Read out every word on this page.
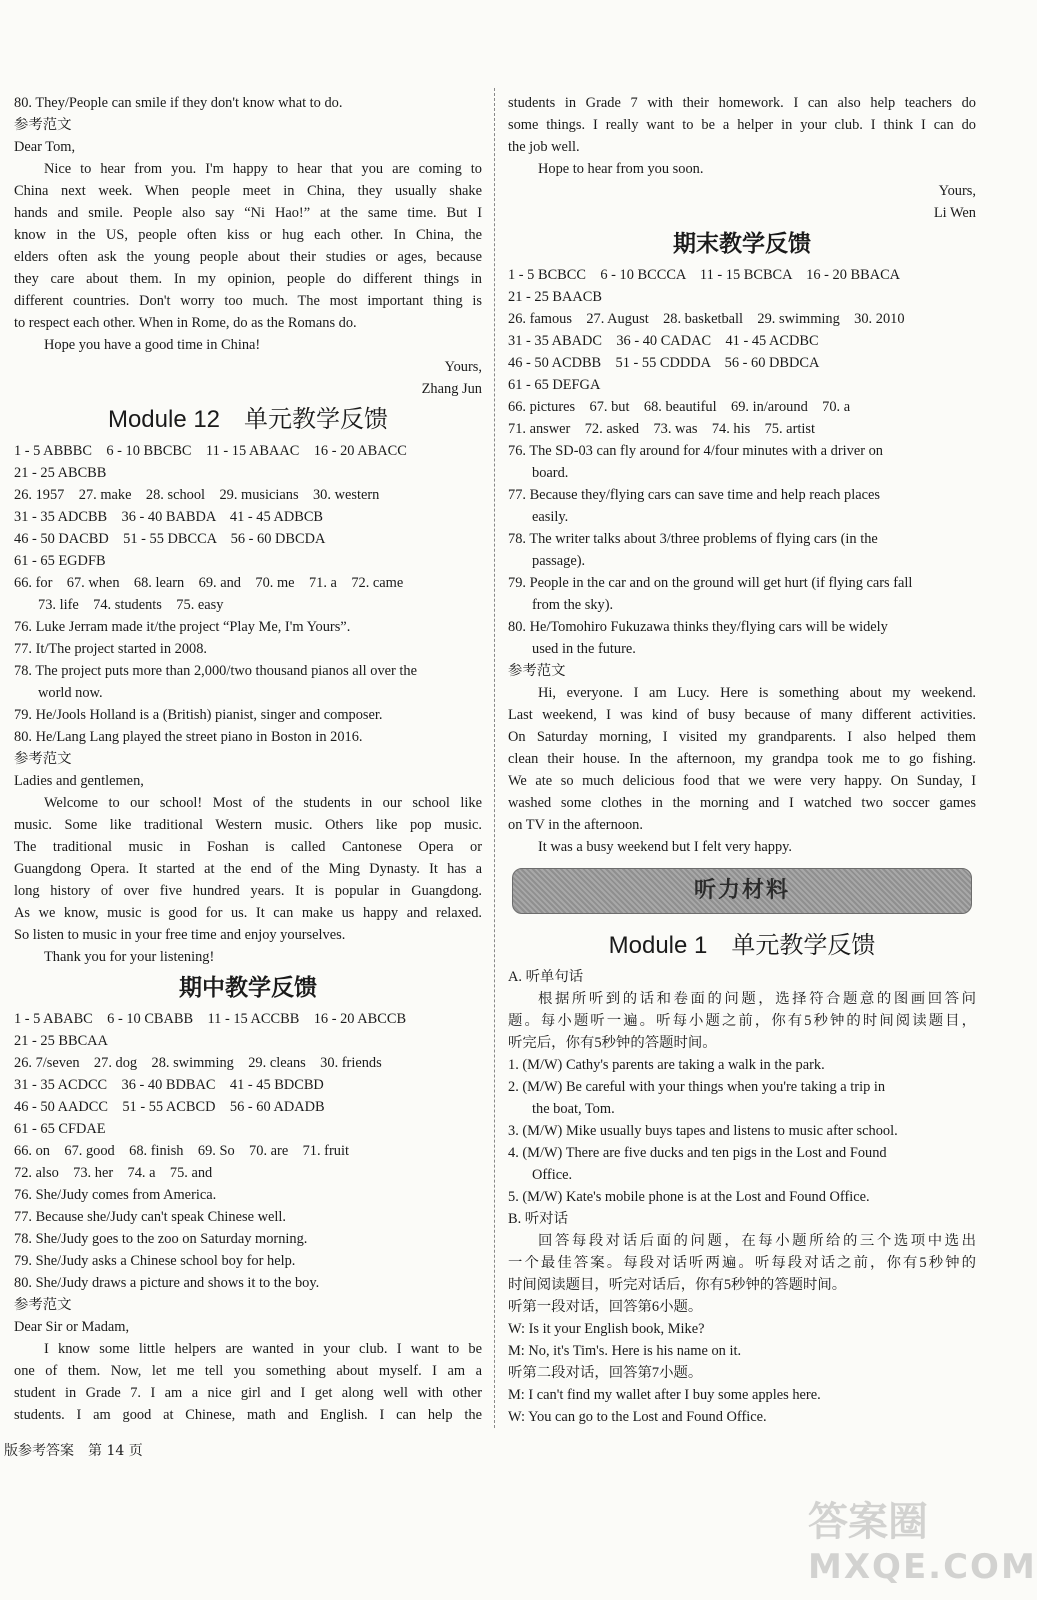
80. They/People can smile if they don't know what to do.
参考范文
Dear Tom,
Nice to hear from you. I'm happy to hear that you are coming to
China next week. When people meet in China, they usually shake
hands and smile. People also say “Ni Hao!” at the same time. But I
know in the US, people often kiss or hug each other. In China, the
elders often ask the young people about their studies or ages, because
they care about them. In my opinion, people do different things in
different countries. Don't worry too much. The most important thing is
to respect each other. When in Rome, do as the Romans do.
Hope you have a good time in China!
Yours,
Zhang Jun
Module 12　单元教学反馈
1 - 5 ABBBC　6 - 10 BBCBC　11 - 15 ABAAC　16 - 20 ABACC
21 - 25 ABCBB
26. 1957　27. make　28. school　29. musicians　30. western
31 - 35 ADCBB　36 - 40 BABDA　41 - 45 ADBCB
46 - 50 DACBD　51 - 55 DBCCA　56 - 60 DBCDA
61 - 65 EGDFB
66. for　67. when　68. learn　69. and　70. me　71. a　72. came
73. life　74. students　75. easy
76. Luke Jerram made it/the project “Play Me, I'm Yours”.
77. It/The project started in 2008.
78. The project puts more than 2,000/two thousand pianos all over the
world now.
79. He/Jools Holland is a (British) pianist, singer and composer.
80. He/Lang Lang played the street piano in Boston in 2016.
参考范文
Ladies and gentlemen,
Welcome to our school! Most of the students in our school like
music. Some like traditional Western music. Others like pop music.
The traditional music in Foshan is called Cantonese Opera or
Guangdong Opera. It started at the end of the Ming Dynasty. It has a
long history of over five hundred years. It is popular in Guangdong.
As we know, music is good for us. It can make us happy and relaxed.
So listen to music in your free time and enjoy yourselves.
Thank you for your listening!
期中教学反馈
1 - 5 ABABC　6 - 10 CBABB　11 - 15 ACCBB　16 - 20 ABCCB
21 - 25 BBCAA
26. 7/seven　27. dog　28. swimming　29. cleans　30. friends
31 - 35 ACDCC　36 - 40 BDBAC　41 - 45 BDCBD
46 - 50 AADCC　51 - 55 ACBCD　56 - 60 ADADB
61 - 65 CFDAE
66. on　67. good　68. finish　69. So　70. are　71. fruit
72. also　73. her　74. a　75. and
76. She/Judy comes from America.
77. Because she/Judy can't speak Chinese well.
78. She/Judy goes to the zoo on Saturday morning.
79. She/Judy asks a Chinese school boy for help.
80. She/Judy draws a picture and shows it to the boy.
参考范文
Dear Sir or Madam,
I know some little helpers are wanted in your club. I want to be
one of them. Now, let me tell you something about myself. I am a
student in Grade 7. I am a nice girl and I get along well with other
students. I am good at Chinese, math and English. I can help the
students in Grade 7 with their homework. I can also help teachers do
some things. I really want to be a helper in your club. I think I can do
the job well.
Hope to hear from you soon.
Yours,
Li Wen
期末教学反馈
1 - 5 BCBCC　6 - 10 BCCCA　11 - 15 BCBCA　16 - 20 BBACA
21 - 25 BAACB
26. famous　27. August　28. basketball　29. swimming　30. 2010
31 - 35 ABADC　36 - 40 CADAC　41 - 45 ACDBC
46 - 50 ACDBB　51 - 55 CDDDA　56 - 60 DBDCA
61 - 65 DEFGA
66. pictures　67. but　68. beautiful　69. in/around　70. a
71. answer　72. asked　73. was　74. his　75. artist
76. The SD-03 can fly around for 4/four minutes with a driver on
board.
77. Because they/flying cars can save time and help reach places
easily.
78. The writer talks about 3/three problems of flying cars (in the
passage).
79. People in the car and on the ground will get hurt (if flying cars fall
from the sky).
80. He/Tomohiro Fukuzawa thinks they/flying cars will be widely
used in the future.
参考范文
Hi, everyone. I am Lucy. Here is something about my weekend.
Last weekend, I was kind of busy because of many different activities.
On Saturday morning, I visited my grandparents. I also helped them
clean their house. In the afternoon, my grandpa took me to go fishing.
We ate so much delicious food that we were very happy. On Sunday, I
washed some clothes in the morning and I watched two soccer games
on TV in the afternoon.
It was a busy weekend but I felt very happy.
听力材料
Module 1　单元教学反馈
A. 听单句话
根据所听到的话和卷面的问题，选择符合题意的图画回答问
题。每小题听一遍。听每小题之前，你有5秒钟的时间阅读题目，
听完后，你有5秒钟的答题时间。
1. (M/W) Cathy's parents are taking a walk in the park.
2. (M/W) Be careful with your things when you're taking a trip in
the boat, Tom.
3. (M/W) Mike usually buys tapes and listens to music after school.
4. (M/W) There are five ducks and ten pigs in the Lost and Found
Office.
5. (M/W) Kate's mobile phone is at the Lost and Found Office.
B. 听对话
回答每段对话后面的问题，在每小题所给的三个选项中选出
一个最佳答案。每段对话听两遍。听每段对话之前，你有5秒钟的
时间阅读题目，听完对话后，你有5秒钟的答题时间。
听第一段对话，回答第6小题。
W: Is it your English book, Mike?
M: No, it's Tim's. Here is his name on it.
听第二段对话，回答第7小题。
M: I can't find my wallet after I buy some apples here.
W: You can go to the Lost and Found Office.
版参考答案　第 14 页
答案圈
MXQE.COM
